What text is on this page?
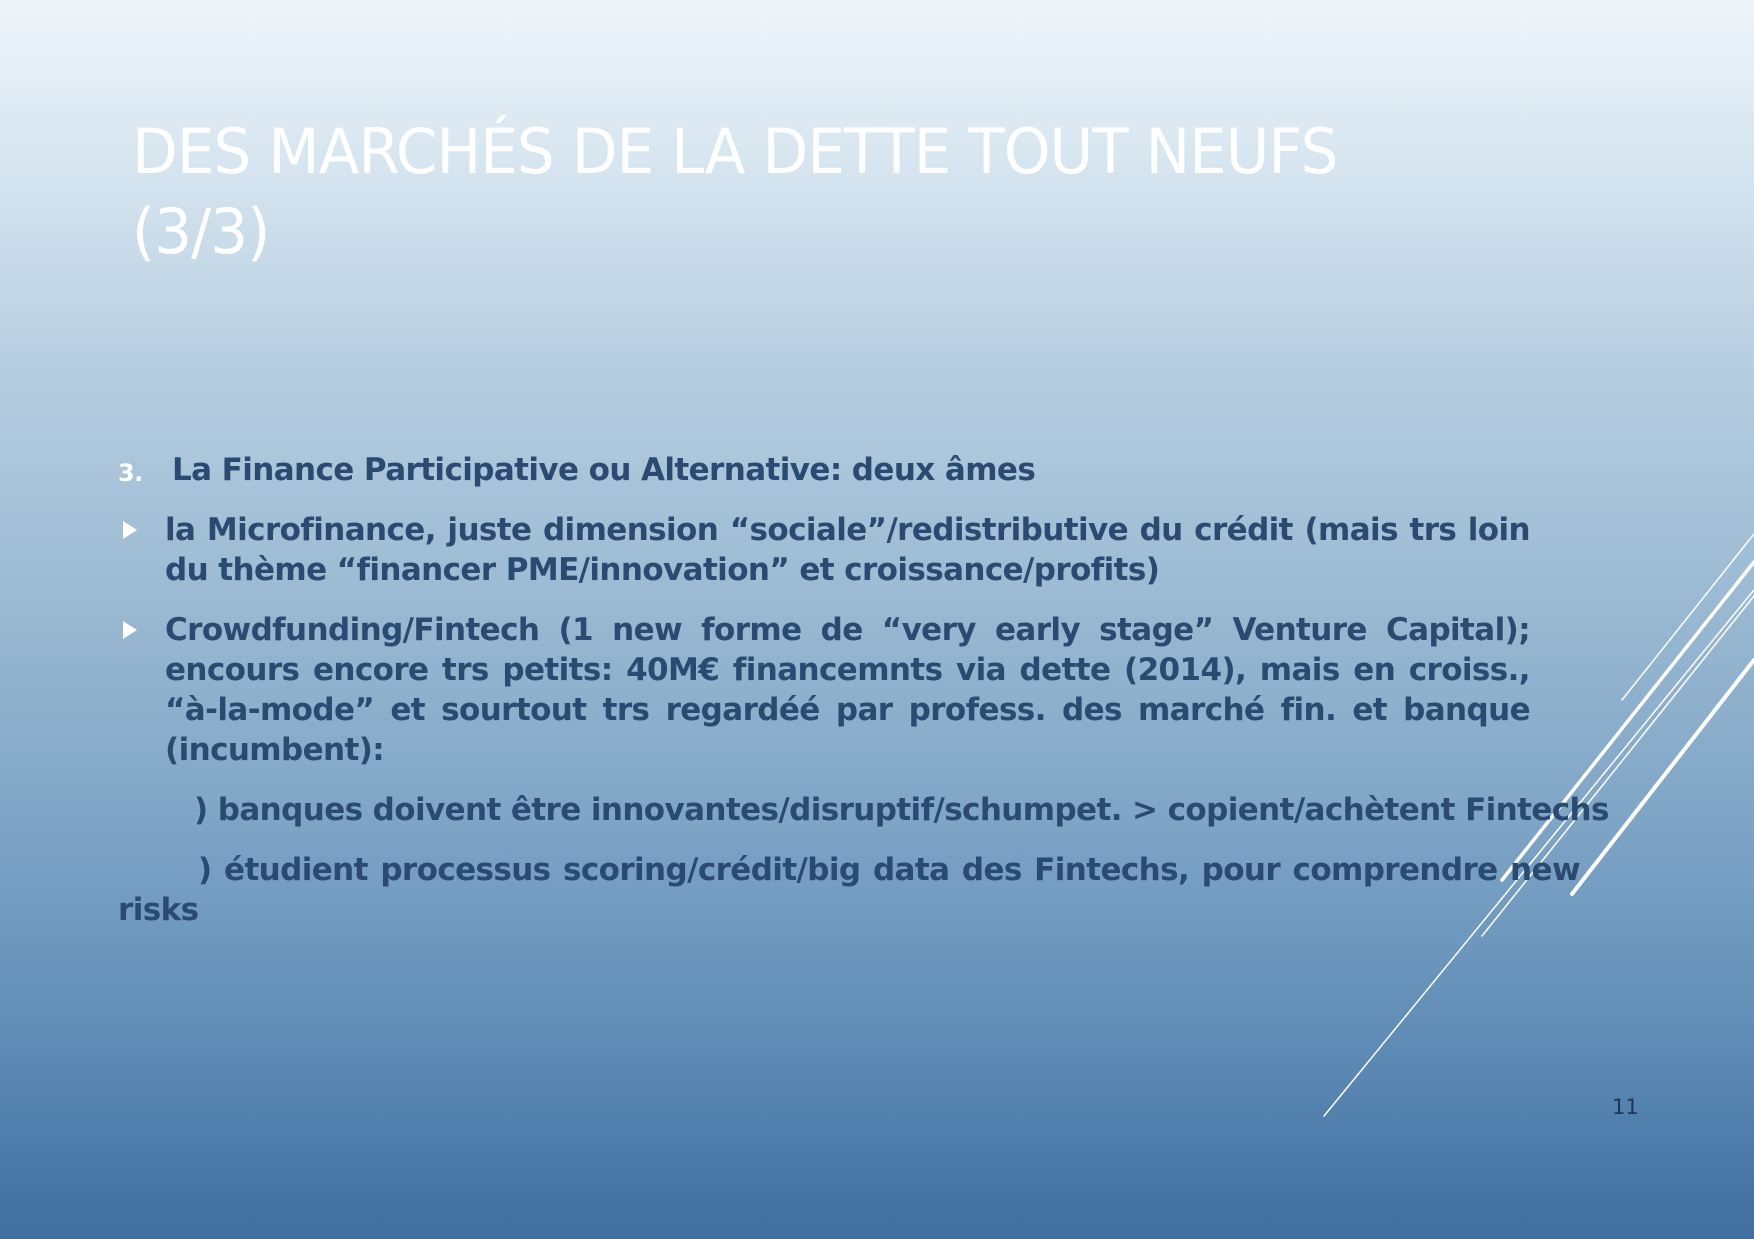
DES MARCHÉS DE LA DETTE TOUT NEUFS
(3/3)
3. La Finance Participative ou Alternative: deux âmes
la Microfinance, juste dimension “sociale”/redistributive du crédit (mais trs loin du thème “financer PME/innovation” et croissance/profits)
Crowdfunding/Fintech (1 new forme de “very early stage” Venture Capital); encours encore trs petits: 40M€ financemnts via dette (2014), mais en croiss., “à-la-mode” et sourtout trs regardéé par profess. des marché fin. et banque (incumbent):
) banques doivent être innovantes/disruptif/schumpet. > copient/achètent Fintechs
) étudient processus scoring/crédit/big data des Fintechs, pour comprendre new risks
11
